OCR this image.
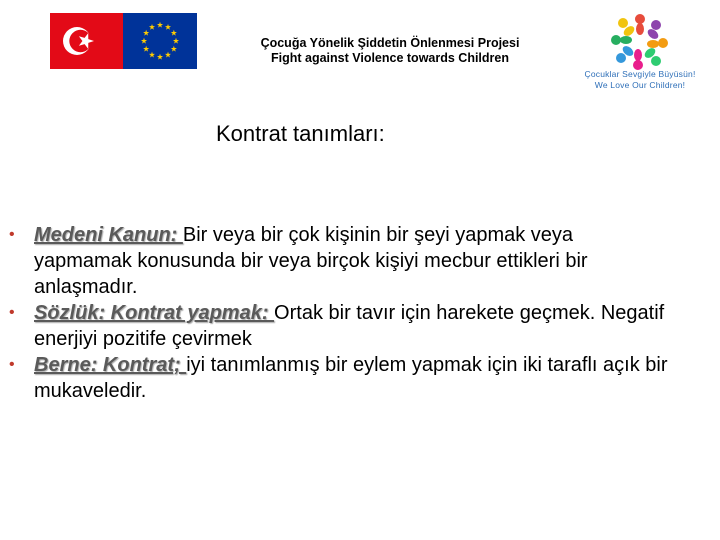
Çocuğa Yönelik Şiddetin Önlenmesi Projesi
Fight against Violence towards Children
Çocuklar Sevgiyle Büyüsün!
We Love Our Children!
Kontrat tanımları:
• Medeni Kanun: Bir veya bir çok kişinin bir şeyi yapmak veya yapmamak konusunda bir veya birçok kişiyi mecbur ettikleri bir anlaşmadır.
• Sözlük: Kontrat yapmak: Ortak bir tavır için harekete geçmek. Negatif enerjiyi pozitife çevirmek
• Berne: Kontrat; iyi tanımlanmış bir eylem yapmak için iki taraflı açık bir mukaveledir.
